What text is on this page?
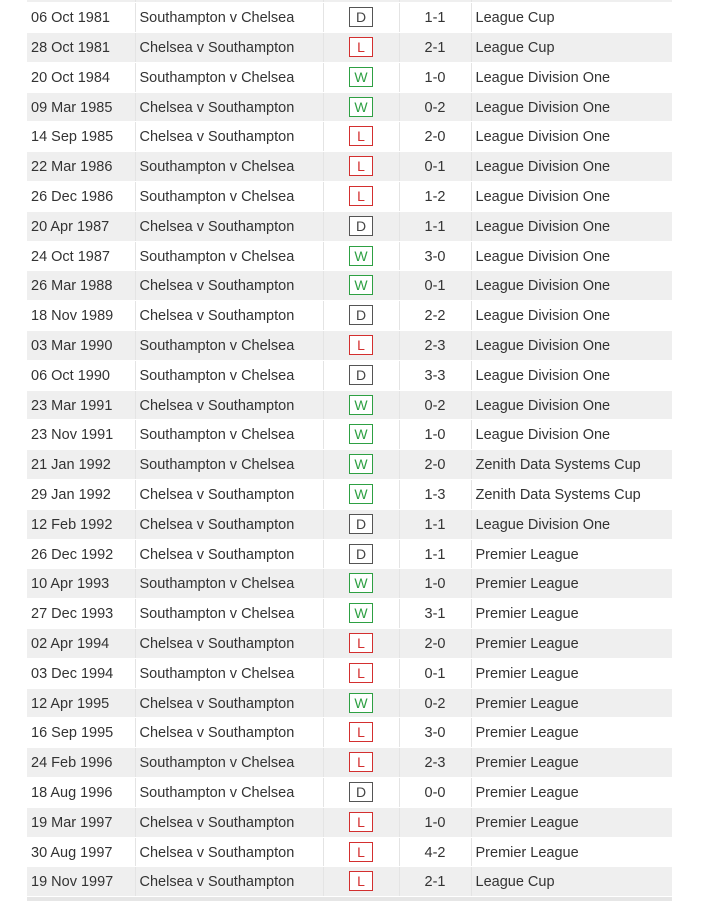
06 Oct 1981	Southampton v Chelsea	D	1-1	League Cup
28 Oct 1981	Chelsea v Southampton	L	2-1	League Cup
20 Oct 1984	Southampton v Chelsea	W	1-0	League Division One
09 Mar 1985	Chelsea v Southampton	W	0-2	League Division One
14 Sep 1985	Chelsea v Southampton	L	2-0	League Division One
22 Mar 1986	Southampton v Chelsea	L	0-1	League Division One
26 Dec 1986	Southampton v Chelsea	L	1-2	League Division One
20 Apr 1987	Chelsea v Southampton	D	1-1	League Division One
24 Oct 1987	Southampton v Chelsea	W	3-0	League Division One
26 Mar 1988	Chelsea v Southampton	W	0-1	League Division One
18 Nov 1989	Chelsea v Southampton	D	2-2	League Division One
03 Mar 1990	Southampton v Chelsea	L	2-3	League Division One
06 Oct 1990	Southampton v Chelsea	D	3-3	League Division One
23 Mar 1991	Chelsea v Southampton	W	0-2	League Division One
23 Nov 1991	Southampton v Chelsea	W	1-0	League Division One
21 Jan 1992	Southampton v Chelsea	W	2-0	Zenith Data Systems Cup
29 Jan 1992	Chelsea v Southampton	W	1-3	Zenith Data Systems Cup
12 Feb 1992	Chelsea v Southampton	D	1-1	League Division One
26 Dec 1992	Chelsea v Southampton	D	1-1	Premier League
10 Apr 1993	Southampton v Chelsea	W	1-0	Premier League
27 Dec 1993	Southampton v Chelsea	W	3-1	Premier League
02 Apr 1994	Chelsea v Southampton	L	2-0	Premier League
03 Dec 1994	Southampton v Chelsea	L	0-1	Premier League
12 Apr 1995	Chelsea v Southampton	W	0-2	Premier League
16 Sep 1995	Chelsea v Southampton	L	3-0	Premier League
24 Feb 1996	Southampton v Chelsea	L	2-3	Premier League
18 Aug 1996	Southampton v Chelsea	D	0-0	Premier League
19 Mar 1997	Chelsea v Southampton	L	1-0	Premier League
30 Aug 1997	Chelsea v Southampton	L	4-2	Premier League
19 Nov 1997	Chelsea v Southampton	L	2-1	League Cup
